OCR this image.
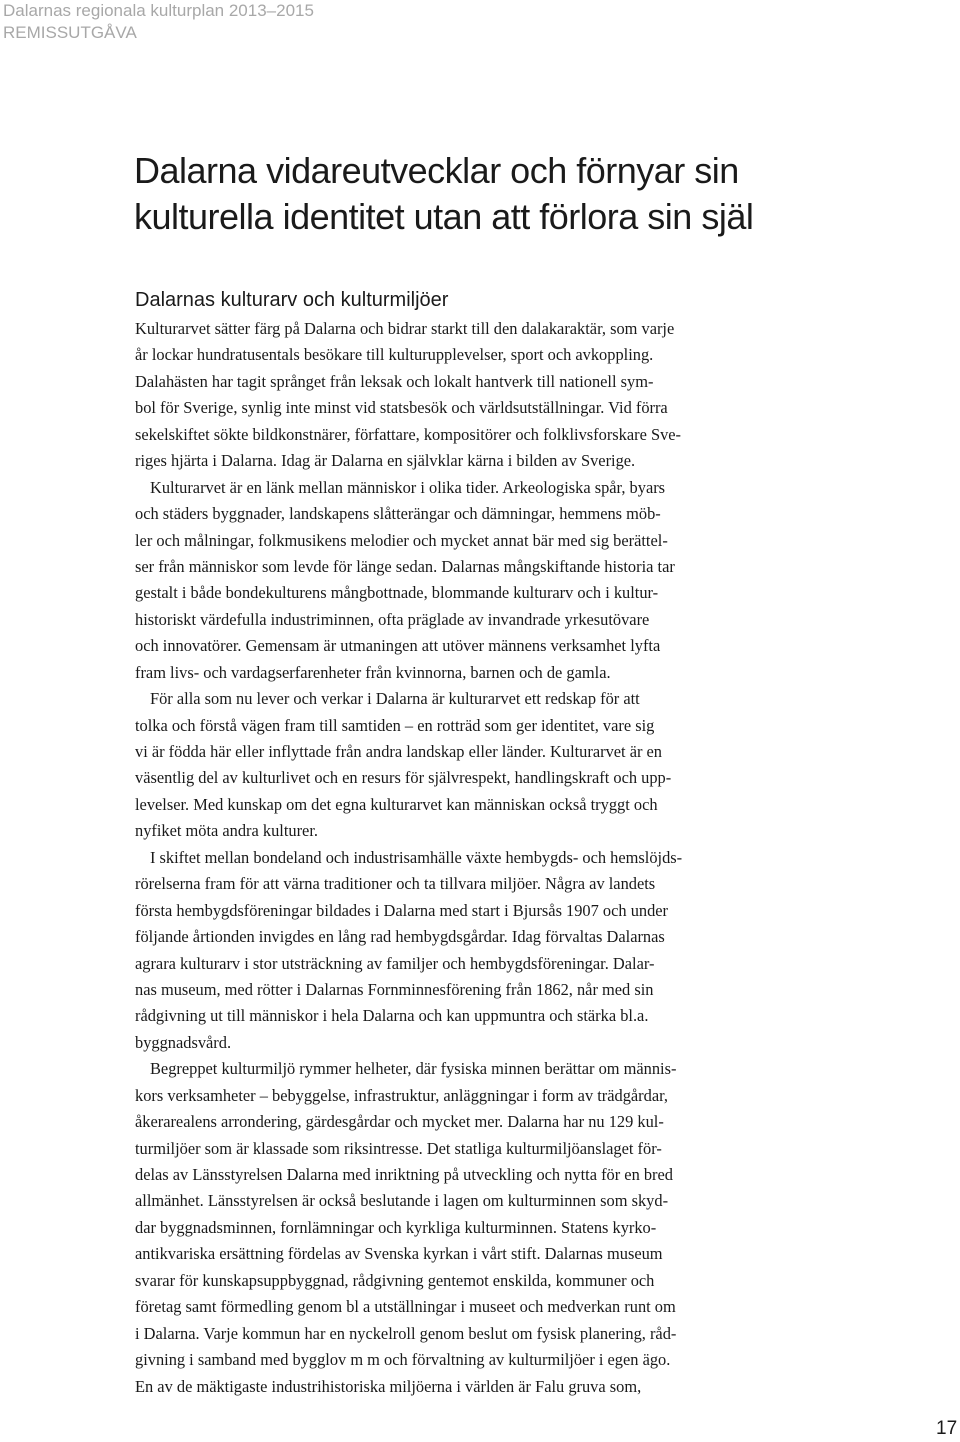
Dalarnas regionala kulturplan 2013–2015
REMISSUTGÅVA
Dalarna vidareutvecklar och förnyar sin
kulturella identitet utan att förlora sin själ
Dalarnas kulturarv och kulturmiljöer
Kulturarvet sätter färg på Dalarna och bidrar starkt till den dalakaraktär, som varje
år lockar hundratusentals besökare till kulturupplevelser, sport och avkoppling.
Dalahästen har tagit språnget från leksak och lokalt hantverk till nationell sym-
bol för Sverige, synlig inte minst vid statsbesök och världsutställningar. Vid förra
sekelskiftet sökte bildkonstnärer, författare, kompositörer och folklivsforskare Sve-
riges hjärta i Dalarna. Idag är Dalarna en självklar kärna i bilden av Sverige.
Kulturarvet är en länk mellan människor i olika tider. Arkeologiska spår, byars
och städers byggnader, landskapens slåtterängar och dämningar, hemmens möb-
ler och målningar, folkmusikens melodier och mycket annat bär med sig berättel-
ser från människor som levde för länge sedan. Dalarnas mångskiftande historia tar
gestalt i både bondekulturens mångbottnade, blommande kulturarv och i kultur-
historiskt värdefulla industriminnen, ofta präglade av invandrade yrkesutövare
och innovatörer. Gemensam är utmaningen att utöver männens verksamhet lyfta
fram livs- och vardagserfarenheter från kvinnorna, barnen och de gamla.
För alla som nu lever och verkar i Dalarna är kulturarvet ett redskap för att
tolka och förstå vägen fram till samtiden – en rotträd som ger identitet, vare sig
vi är födda här eller inflyttade från andra landskap eller länder. Kulturarvet är en
väsentlig del av kulturlivet och en resurs för självrespekt, handlingskraft och upp-
levelser. Med kunskap om det egna kulturarvet kan människan också tryggt och
nyfiket möta andra kulturer.
I skiftet mellan bondeland och industrisamhälle växte hembygds- och hemslöjds-
rörelserna fram för att värna traditioner och ta tillvara miljöer. Några av landets
första hembygdsföreningar bildades i Dalarna med start i Bjursås 1907 och under
följande årtionden invigdes en lång rad hembygdsgårdar. Idag förvaltas Dalarnas
agrara kulturarv i stor utsträckning av familjer och hembygdsföreningar. Dalar-
nas museum, med rötter i Dalarnas Fornminnesförening från 1862, når med sin
rådgivning ut till människor i hela Dalarna och kan uppmuntra och stärka bl.a.
byggnadsvård.
Begreppet kulturmiljö rymmer helheter, där fysiska minnen berättar om männis-
kors verksamheter – bebyggelse, infrastruktur, anläggningar i form av trädgårdar,
åkerarealens arrondering, gärdesgårdar och mycket mer. Dalarna har nu 129 kul-
turmiljöer som är klassade som riksintresse. Det statliga kulturmiljöanslaget för-
delas av Länsstyrelsen Dalarna med inriktning på utveckling och nytta för en bred
allmänhet. Länsstyrelsen är också beslutande i lagen om kulturminnen som skyd-
dar byggnadsminnen, fornlämningar och kyrkliga kulturminnen. Statens kyrko-
antikvariska ersättning fördelas av Svenska kyrkan i vårt stift. Dalarnas museum
svarar för kunskapsuppbyggnad, rådgivning gentemot enskilda, kommuner och
företag samt förmedling genom bl a utställningar i museet och medverkan runt om
i Dalarna. Varje kommun har en nyckelroll genom beslut om fysisk planering, råd-
givning i samband med bygglov m m och förvaltning av kulturmiljöer i egen ägo.
En av de mäktigaste industrihistoriska miljöerna i världen är Falu gruva som,
17
